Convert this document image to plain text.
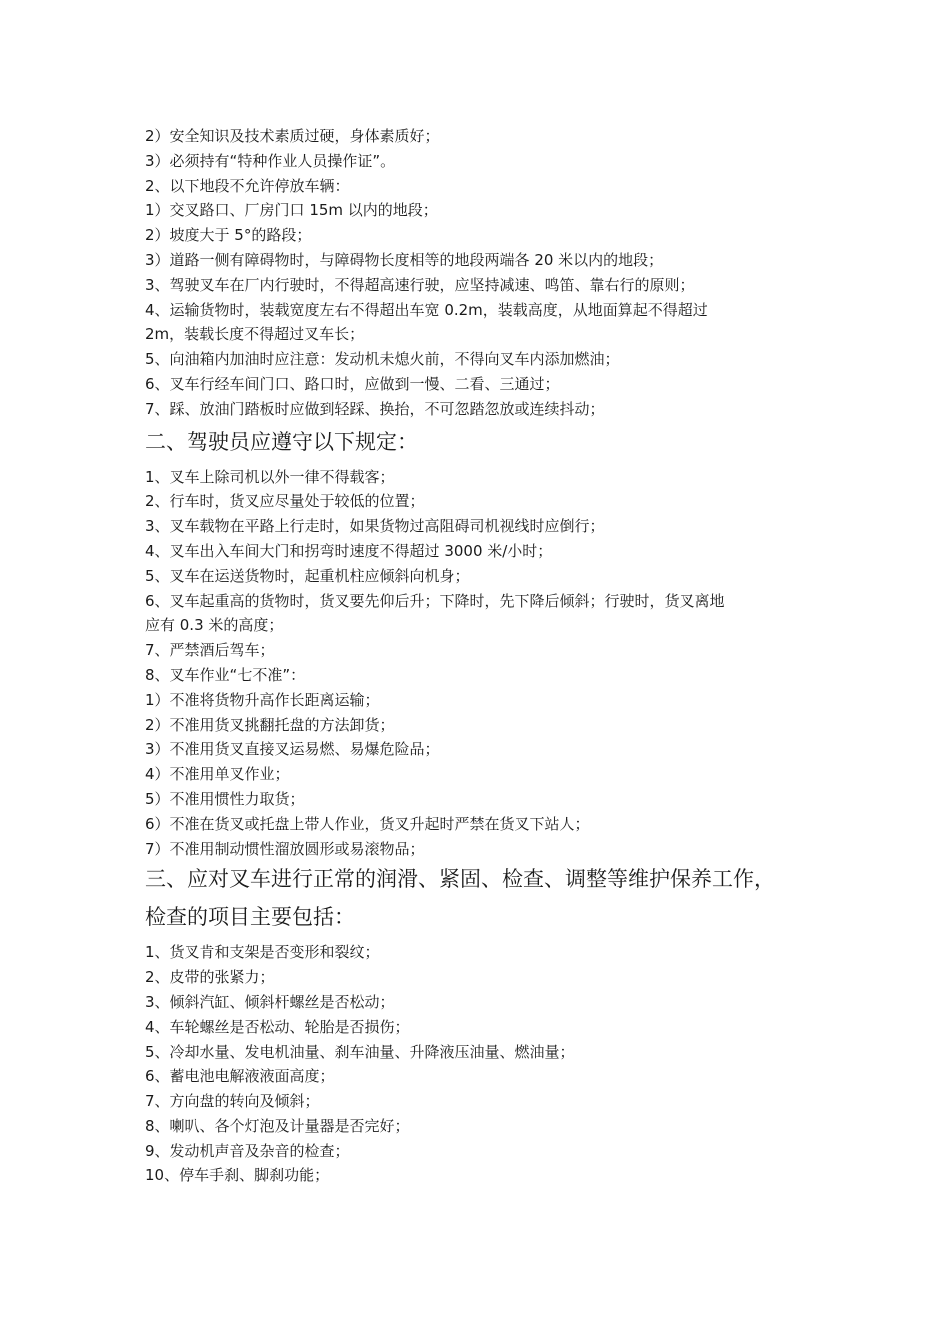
2）安全知识及技术素质过硬，身体素质好；
3）必须持有“特种作业人员操作证”。
2、以下地段不允许停放车辆：
1）交叉路口、厂房门口 15m 以内的地段；
2）坡度大于 5°的路段；
3）道路一侧有障碍物时，与障碍物长度相等的地段两端各 20 米以内的地段；
3、驾驶叉车在厂内行驶时，不得超高速行驶，应坚持减速、鸣笛、靠右行的原则；
4、运输货物时，装载宽度左右不得超出车宽 0.2m，装载高度，从地面算起不得超过
2m，装载长度不得超过叉车长；
5、向油箱内加油时应注意：发动机未熄火前，不得向叉车内添加燃油；
6、叉车行经车间门口、路口时，应做到一慢、二看、三通过；
7、踩、放油门踏板时应做到轻踩、换抬，不可忽踏忽放或连续抖动；
二、驾驶员应遵守以下规定：
1、叉车上除司机以外一律不得载客；
2、行车时，货叉应尽量处于较低的位置；
3、叉车载物在平路上行走时，如果货物过高阻碍司机视线时应倒行；
4、叉车出入车间大门和拐弯时速度不得超过 3000 米/小时；
5、叉车在运送货物时，起重机柱应倾斜向机身；
6、叉车起重高的货物时，货叉要先仰后升；下降时，先下降后倾斜；行驶时，货叉离地
应有 0.3 米的高度；
7、严禁酒后驾车；
8、叉车作业“七不准”：
1）不准将货物升高作长距离运输；
2）不准用货叉挑翻托盘的方法卸货；
3）不准用货叉直接叉运易燃、易爆危险品；
4）不准用单叉作业；
5）不准用惯性力取货；
6）不准在货叉或托盘上带人作业，货叉升起时严禁在货叉下站人；
7）不准用制动惯性溜放圆形或易滚物品；
三、应对叉车进行正常的润滑、紧固、检查、调整等维护保养工作，
检查的项目主要包括：
1、货叉肯和支架是否变形和裂纹；
2、皮带的张紧力；
3、倾斜汽缸、倾斜杆螺丝是否松动；
4、车轮螺丝是否松动、轮胎是否损伤；
5、冷却水量、发电机油量、刹车油量、升降液压油量、燃油量；
6、蓄电池电解液液面高度；
7、方向盘的转向及倾斜；
8、喇叭、各个灯泡及计量器是否完好；
9、发动机声音及杂音的检查；
10、停车手刹、脚刹功能；
